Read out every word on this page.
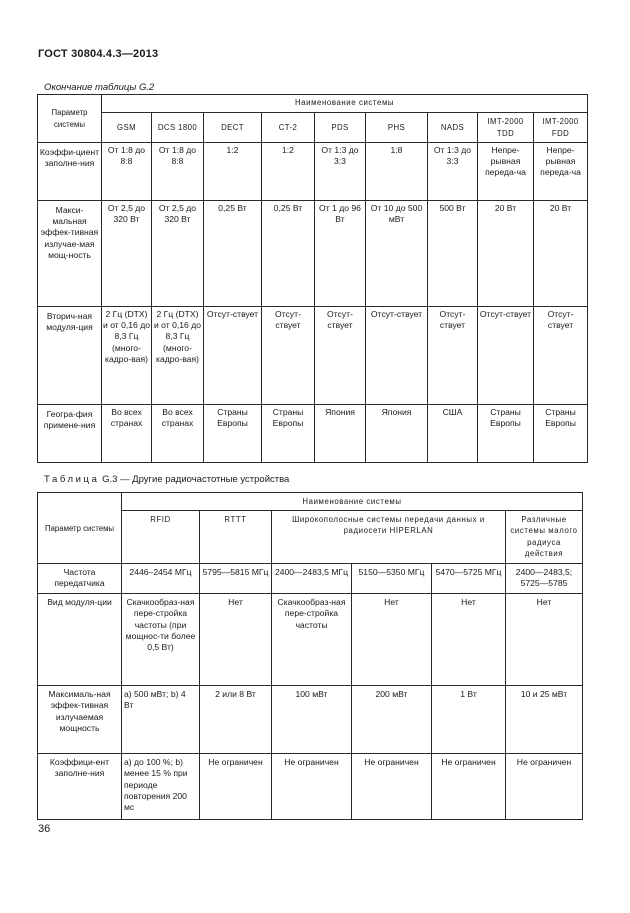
ГОСТ 30804.4.3—2013
Окончание таблицы G.2
Параметр системы	Наименование системы								
	GSM	DCS 1800	DECT	CT-2	PDS	PHS	NADS	IMT-2000 TDD	IMT-2000 FDD
Коэффи-циент заполне-ния	От 1:8 до 8:8	От 1:8 до 8:8	1:2	1:2	От 1:3 до 3:3	1:8	От 1:3 до 3:3	Непре-рывная переда-ча	Непре-рывная переда-ча
Макси-мальная эффек-тивная излучае-мая мощ-ность	От 2,5 до 320 Вт	От 2,5 до 320 Вт	0,25 Вт	0,25 Вт	От 1 до 96 Вт	От 10 до 500 мВт	500 Вт	20 Вт	20 Вт
Вторич-ная модуля-ция	2 Гц (DTX) и от 0,16 до 8,3 Гц (много-кадро-вая)	2 Гц (DTX) и от 0,16 до 8,3 Гц (много-кадро-вая)	Отсут-ствует	Отсут-ствует	Отсут-ствует	Отсут-ствует	Отсут-ствует	Отсут-ствует	Отсут-ствует
Геогра-фия примене-ния	Во всех странах	Во всех странах	Страны Европы	Страны Европы	Япония	Япония	США	Страны Европы	Страны Европы
Таблица G.3 — Другие радиочастотные устройства
Параметр системы	Наименование системы					
	RFID	RTTT	Широкополосные системы передачи данных и радиосети HIPERLAN			Различные системы малого радиуса действия
Частота передатчика	2446–2454 МГц	5795—5815 МГц	2400—2483,5 МГц	5150—5350 МГц	5470—5725 МГц	2400—2483,5; 5725—5785
Вид модуля-ции	Скачкообраз-ная пере-стройка частоты (при мощнос-ти более 0,5 Вт)	Нет	Скачкообраз-ная пере-стройка частоты	Нет	Нет	Нет
Максималь-ная эффек-тивная излучаемая мощность	a) 500 мВт; b) 4 Вт	2 или 8 Вт	100 мВт	200 мВт	1 Вт	10 и 25 мВт
Коэффици-ент заполне-ния	a) до 100 %; b) менее 15 % при периоде повторения 200 мс	Не ограничен	Не ограничен	Не ограничен	Не ограничен	Не ограничен
36
